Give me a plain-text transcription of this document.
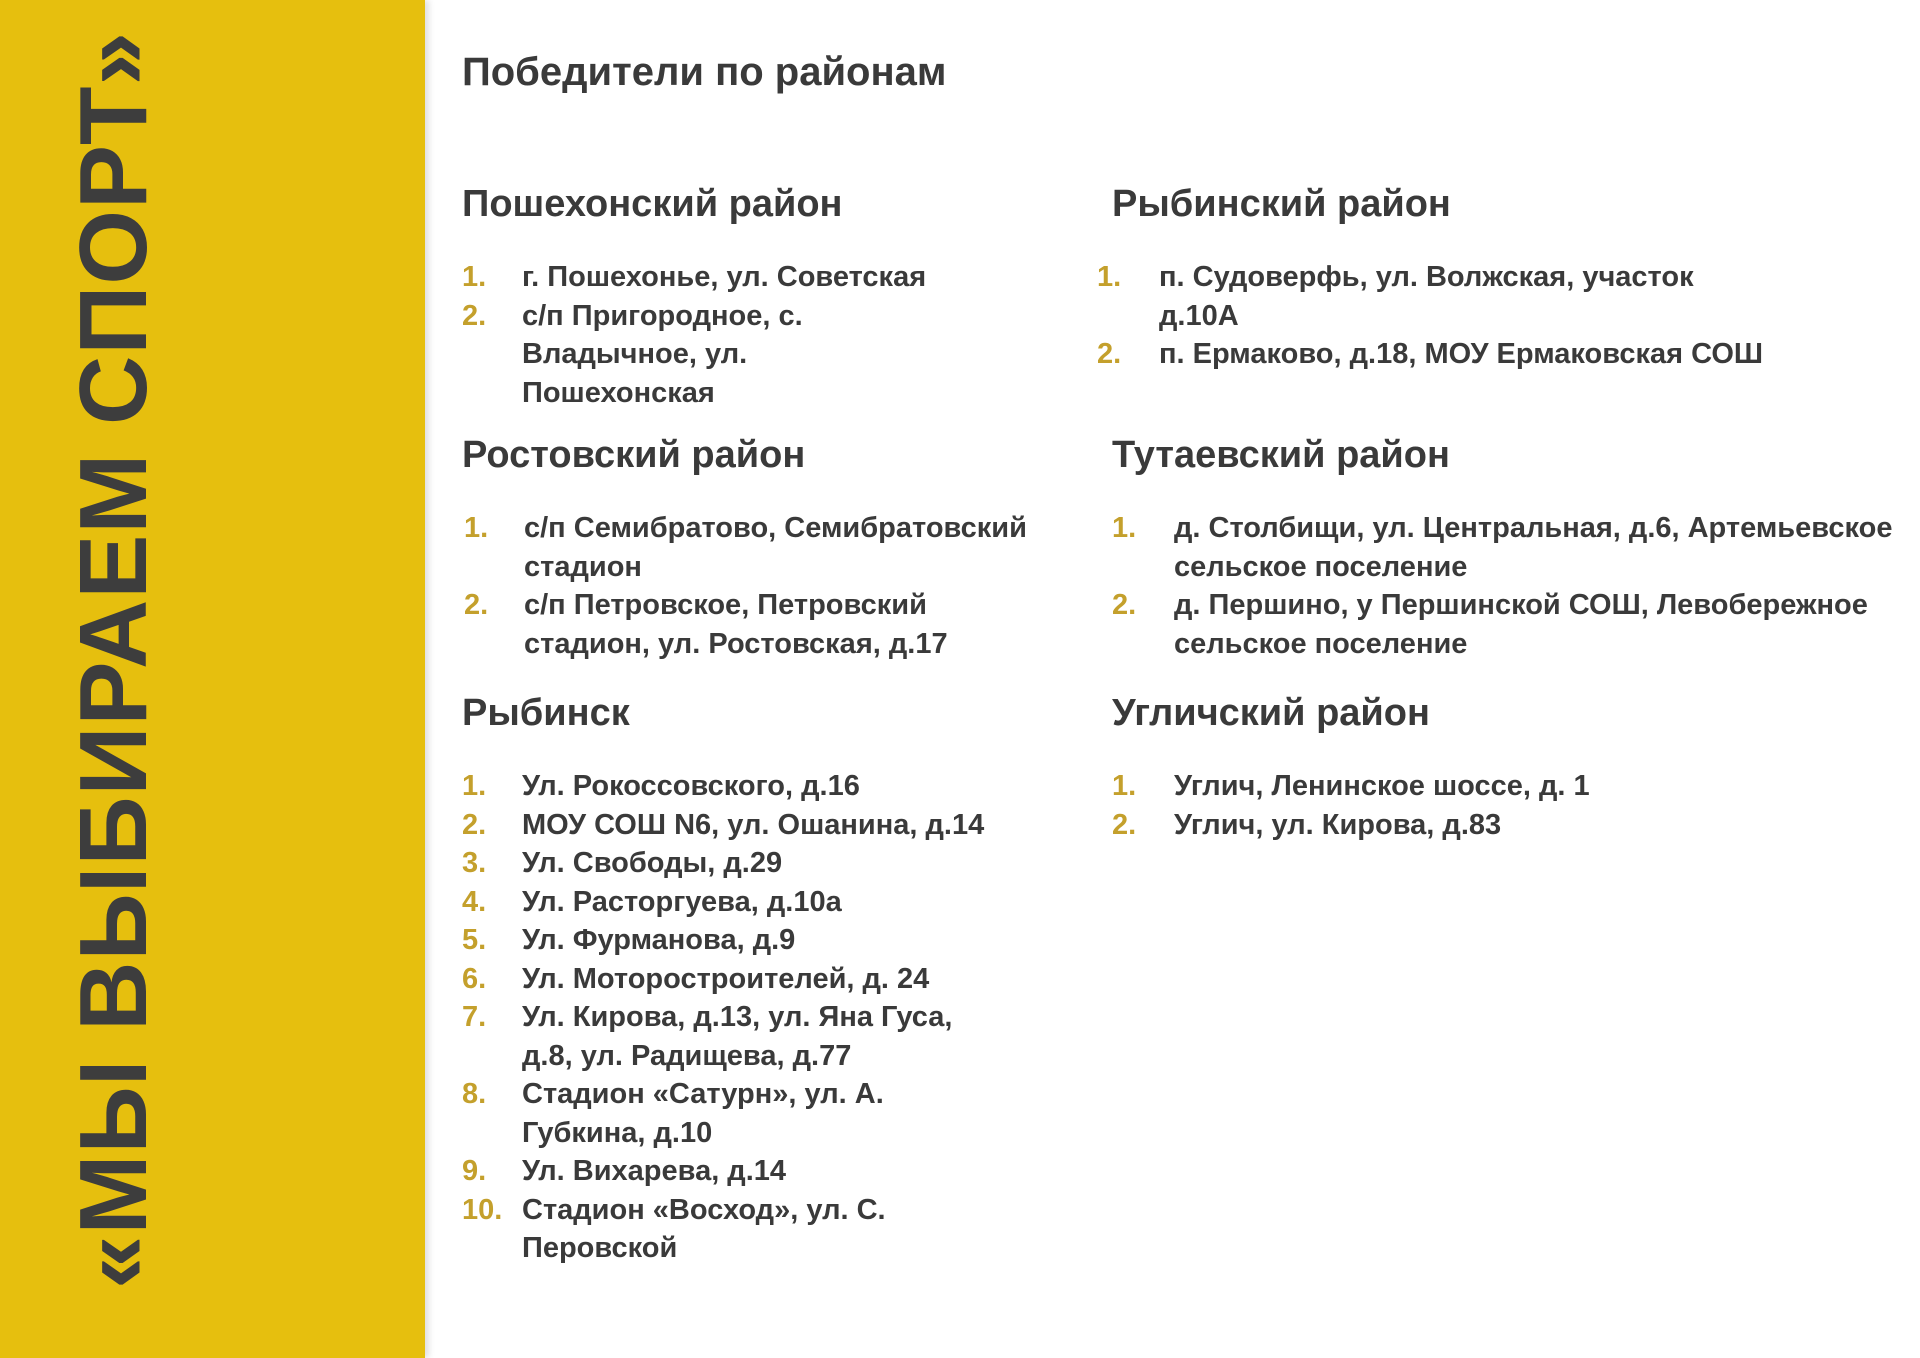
«МЫ ВЫБИРАЕМ СПОРТ»	Победители по районам
Пошехонский район
1. г. Пошехонье, ул. Советская
2. с/п Пригородное, с. Владычное, ул. Пошехонская
Рыбинский район
1. п. Судоверфь, ул. Волжская, участок д.10А
2. п. Ермаково, д.18, МОУ Ермаковская СОШ
Ростовский район
1. с/п Семибратово, Семибратовский стадион
2. с/п Петровское, Петровский стадион, ул. Ростовская, д.17
Тутаевский район
1. д. Столбищи, ул. Центральная, д.6, Артемьевское сельское поселение
2. д. Першино, у Першинской СОШ, Левобережное сельское поселение
Рыбинск
1. Ул. Рокоссовского, д.16
2. МОУ СОШ N6, ул. Ошанина, д.14
3. Ул. Свободы, д.29
4. Ул. Расторгуева, д.10а
5. Ул. Фурманова, д.9
6. Ул. Моторостроителей, д. 24
7. Ул. Кирова, д.13, ул. Яна Гуса, д.8, ул. Радищева, д.77
8. Стадион «Сатурн», ул. А. Губкина, д.10
9. Ул. Вихарева, д.14
10. Стадион «Восход», ул. С. Перовской
Угличский район
1. Углич, Ленинское шоссе, д. 1
2. Углич, ул. Кирова, д.83
